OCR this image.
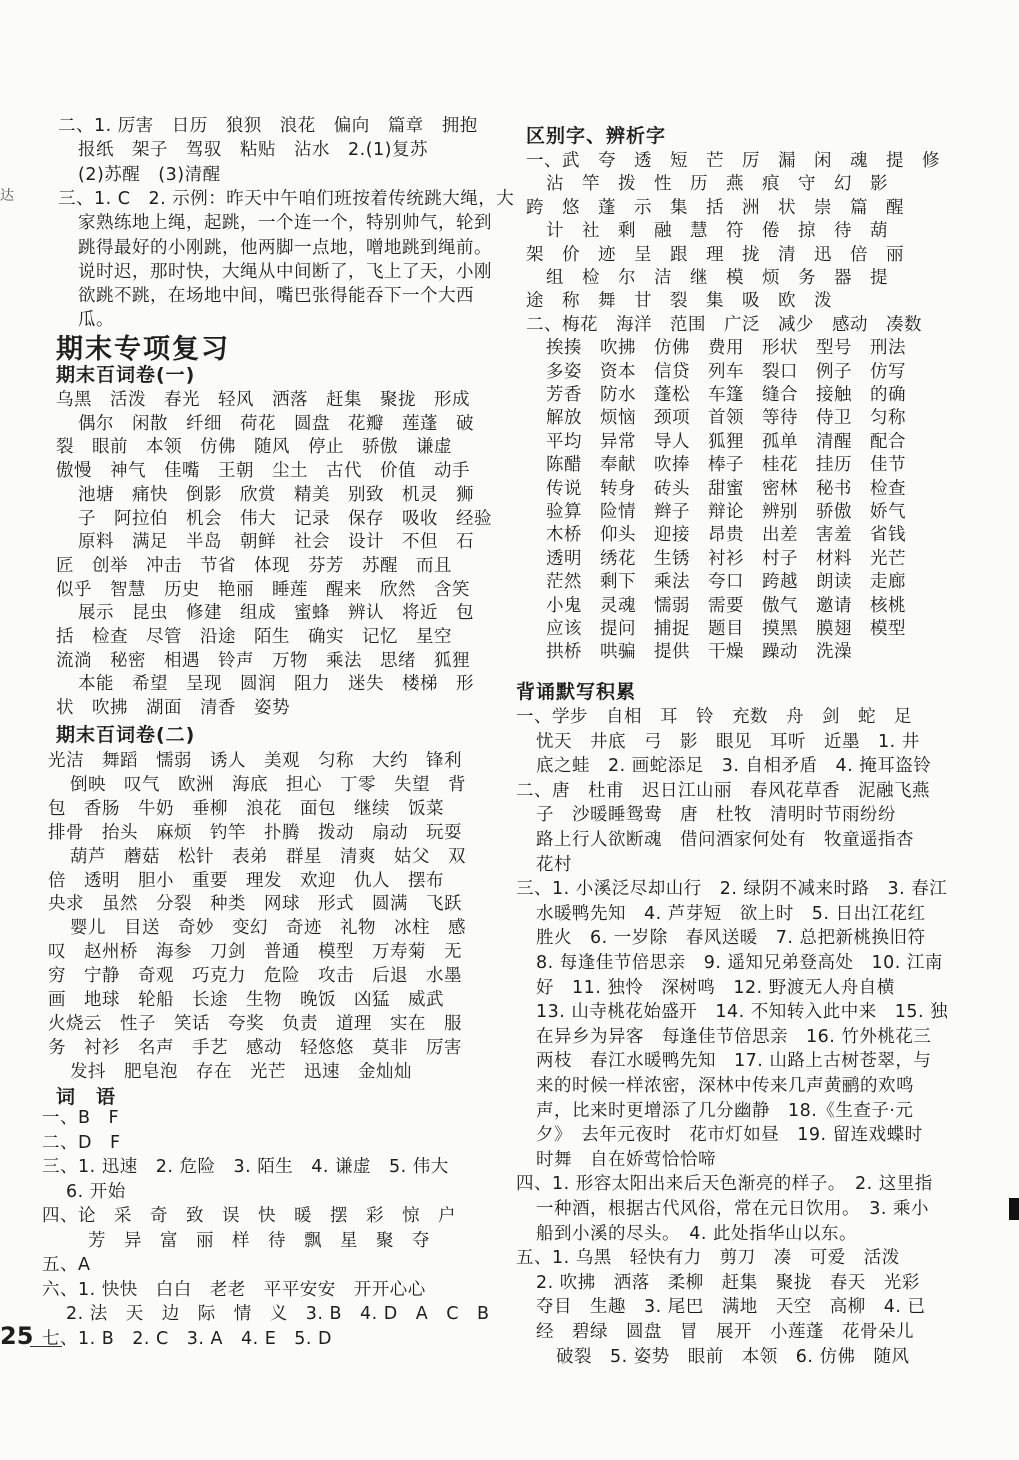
达
二、1. 厉害　日历　狼狈　浪花　偏向　篇章　拥抱
报纸　架子　驾驭　粘贴　沾水　2.(1)复苏
(2)苏醒　(3)清醒
三、1. C　2. 示例：昨天中午咱们班按着传统跳大绳，大
家熟练地上绳，起跳，一个连一个，特别帅气，轮到
跳得最好的小刚跳，他两脚一点地，噌地跳到绳前。
说时迟，那时快，大绳从中间断了，飞上了天，小刚
欲跳不跳，在场地中间，嘴巴张得能吞下一个大西
瓜。
期末专项复习
期末百词卷(一)
乌黑　活泼　春光　轻风　洒落　赶集　聚拢　形成
偶尔　闲散　纤细　荷花　圆盘　花瓣　莲蓬　破
裂　眼前　本领　仿佛　随风　停止　骄傲　谦虚
傲慢　神气　佳嘴　王朝　尘土　古代　价值　动手
池塘　痛快　倒影　欣赏　精美　别致　机灵　狮
子　阿拉伯　机会　伟大　记录　保存　吸收　经验
原料　满足　半岛　朝鲜　社会　设计　不但　石
匠　创举　冲击　节省　体现　芬芳　苏醒　而且
似乎　智慧　历史　艳丽　睡莲　醒来　欣然　含笑
展示　昆虫　修建　组成　蜜蜂　辨认　将近　包
括　检查　尽管　沿途　陌生　确实　记忆　星空
流淌　秘密　相遇　铃声　万物　乘法　思绪　狐狸
本能　希望　呈现　圆润　阻力　迷失　楼梯　形
状　吹拂　湖面　清香　姿势
期末百词卷(二)
光洁　舞蹈　懦弱　诱人　美观　匀称　大约　锋利
倒映　叹气　欧洲　海底　担心　丁零　失望　背
包　香肠　牛奶　垂柳　浪花　面包　继续　饭菜
排骨　抬头　麻烦　钓竿　扑腾　拨动　扇动　玩耍
葫芦　蘑菇　松针　表弟　群星　清爽　姑父　双
倍　透明　胆小　重要　理发　欢迎　仇人　摆布
央求　虽然　分裂　种类　网球　形式　圆满　飞跃
婴儿　目送　奇妙　变幻　奇迹　礼物　冰柱　感
叹　赵州桥　海参　刀剑　普通　模型　万寿菊　无
穷　宁静　奇观　巧克力　危险　攻击　后退　水墨
画　地球　轮船　长途　生物　晚饭　凶猛　威武
火烧云　性子　笑话　夸奖　负责　道理　实在　服
务　衬衫　名声　手艺　感动　轻悠悠　莫非　厉害
发抖　肥皂泡　存在　光芒　迅速　金灿灿
词　语
一、B　F
二、D　F
三、1. 迅速　2. 危险　3. 陌生　4. 谦虚　5. 伟大
6. 开始
四、论　采　奇　致　误　快　暖　摆　彩　惊　户
芳　异　富　丽　样　待　飘　星　聚　夺
五、A
六、1. 快快　白白　老老　平平安安　开开心心
2. 法　天　边　际　情　义　3. B　4. D　A　C　B
七、1. B　2. C　3. A　4. E　5. D
区别字、辨析字
一、武　夸　透　短　芒　厉　漏　闲　魂　提　修
沾　竿　拨　性　历　燕　痕　守　幻　影
跨　悠　蓬　示　集　括　洲　状　崇　篇　醒
计　社　剩　融　慧　符　倦　掠　待　葫
架　价　迹　呈　跟　理　拢　清　迅　倍　丽
组　检　尔　洁　继　模　烦　务　器　提
途　称　舞　甘　裂　集　吸　欧　泼
二、梅花　海洋　范围　广泛　减少　感动　凑数
挨揍　吹拂　仿佛　费用　形状　型号　刑法
多姿　资本　信贷　列车　裂口　例子　仿写
芳香　防水　蓬松　车篷　缝合　接触　的确
解放　烦恼　颈项　首领　等待　侍卫　匀称
平均　异常　导人　狐狸　孤单　清醒　配合
陈醋　奉献　吹捧　棒子　桂花　挂历　佳节
传说　转身　砖头　甜蜜　密林　秘书　检查
验算　险情　辫子　辩论　辨别　骄傲　娇气
木桥　仰头　迎接　昂贵　出差　害羞　省钱
透明　绣花　生锈　衬衫　村子　材料　光芒
茫然　剩下　乘法　夸口　跨越　朗读　走廊
小鬼　灵魂　懦弱　需要　傲气　邀请　核桃
应该　提问　捕捉　题目　摸黑　膜翅　模型
拱桥　哄骗　提供　干燥　躁动　洗澡
背诵默写积累
一、学步　自相　耳　铃　充数　舟　剑　蛇　足
忧天　井底　弓　影　眼见　耳听　近墨　1. 井
底之蛙　2. 画蛇添足　3. 自相矛盾　4. 掩耳盗铃
二、唐　杜甫　迟日江山丽　春风花草香　泥融飞燕
子　沙暖睡鸳鸯　唐　杜牧　清明时节雨纷纷
路上行人欲断魂　借问酒家何处有　牧童遥指杏
花村
三、1. 小溪泛尽却山行　2. 绿阴不减来时路　3. 春江
水暖鸭先知　4. 芦芽短　欲上时　5. 日出江花红
胜火　6. 一岁除　春风送暖　7. 总把新桃换旧符
8. 每逢佳节倍思亲　9. 遥知兄弟登高处　10. 江南
好　11. 独怜　深树鸣　12. 野渡无人舟自横
13. 山寺桃花始盛开　14. 不知转入此中来　15. 独
在异乡为异客　每逢佳节倍思亲　16. 竹外桃花三
两枝　春江水暖鸭先知　17. 山路上古树苍翠，与
来的时候一样浓密，深林中传来几声黄鹂的欢鸣
声，比来时更增添了几分幽静　18.《生查子·元
夕》　去年元夜时　花市灯如昼　19. 留连戏蝶时
时舞　自在娇莺恰恰啼
四、1. 形容太阳出来后天色渐亮的样子。　2. 这里指
一种酒，根据古代风俗，常在元日饮用。　3. 乘小
船到小溪的尽头。　4. 此处指华山以东。
五、1. 乌黑　轻快有力　剪刀　凑　可爱　活泼
2. 吹拂　洒落　柔柳　赶集　聚拢　春天　光彩
夺目　生趣　3. 尾巴　满地　天空　高柳　4. 已
经　碧绿　圆盘　冒　展开　小莲蓬　花骨朵儿
破裂　5. 姿势　眼前　本领　6. 仿佛　随风
25
